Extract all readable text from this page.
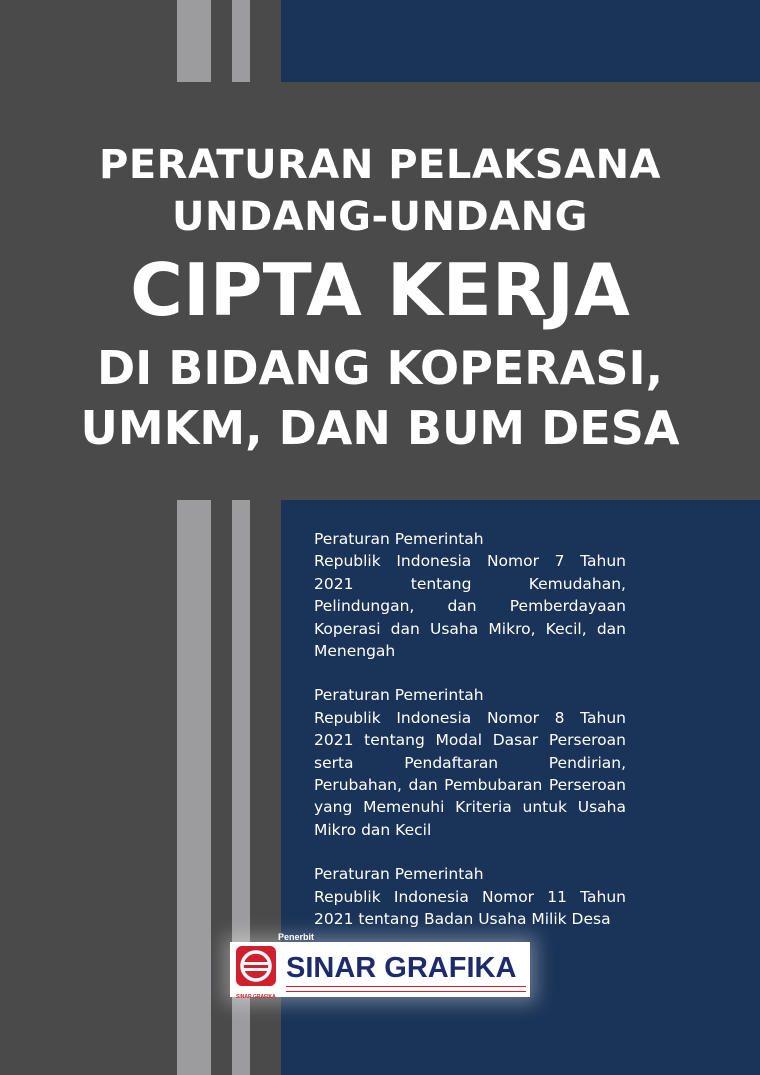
PERATURAN PELAKSANA
UNDANG-UNDANG
CIPTA KERJA
DI BIDANG KOPERASI,
UMKM, DAN BUM DESA
Peraturan Pemerintah
Republik Indonesia Nomor 7 Tahun 2021 tentang Kemudahan, Pelindungan, dan Pemberdayaan Koperasi dan Usaha Mikro, Kecil, dan Menengah
Peraturan Pemerintah
Republik Indonesia Nomor 8 Tahun 2021 tentang Modal Dasar Perseroan serta Pendaftaran Pendirian, Perubahan, dan Pembubaran Perseroan yang Memenuhi Kriteria untuk Usaha Mikro dan Kecil
Peraturan Pemerintah
Republik Indonesia Nomor 11 Tahun 2021 tentang Badan Usaha Milik Desa
Penerbit
SINAR GRAFIKA
SINAR GRAFIKA
